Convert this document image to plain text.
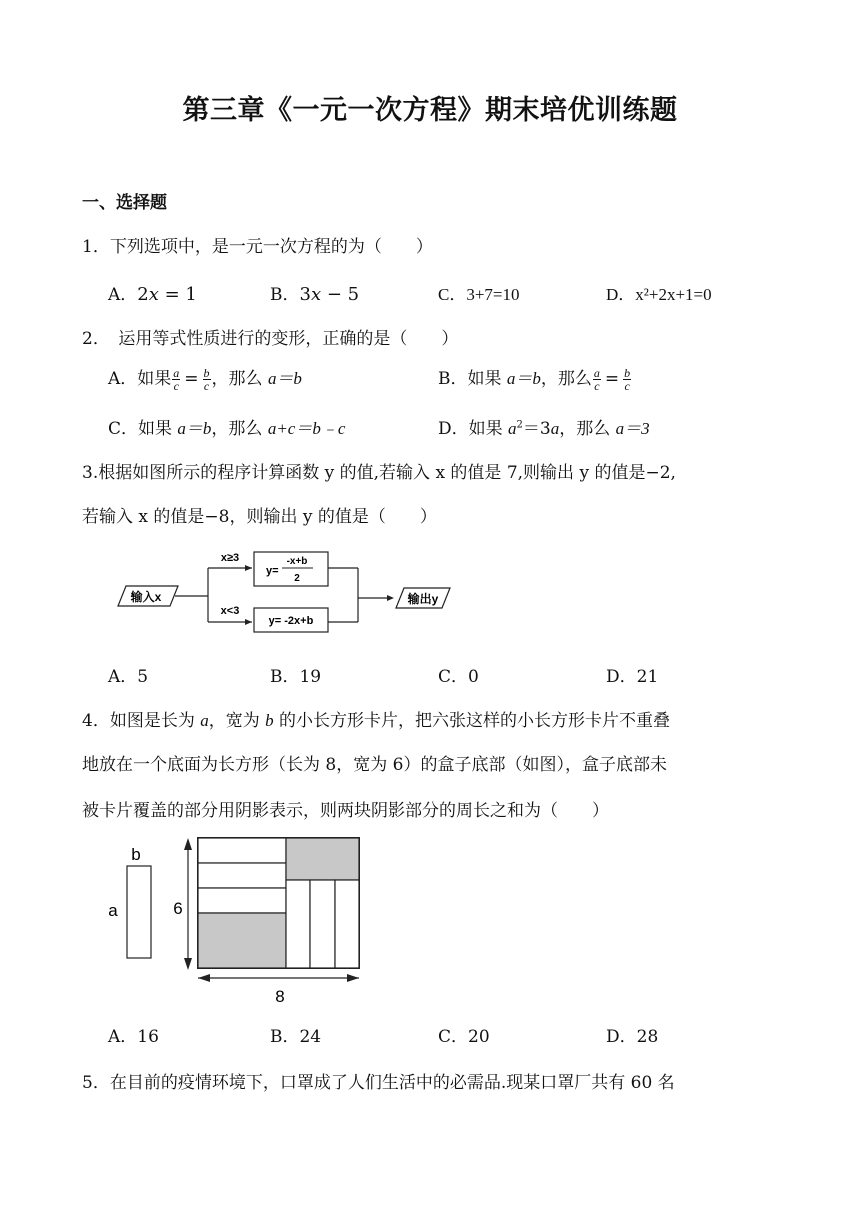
第三章《一元一次方程》期末培优训练题
一、选择题
1．下列选项中，是一元一次方程的为（　　）
A．2𝑥 = 1	B．3𝑥 − 5	C．3+7=10	D．x²+2x+1=0
2．　运用等式性质进行的变形，正确的是（　　）
A．如果 $\frac{a}{c} = \frac{b}{c}$ ，那么 a＝b	B．如果 a＝b，那么 $\frac{a}{c} = \frac{b}{c}$
C．如果 a＝b，那么 a+c＝b﹣c	D．如果 $a^2=3a$，那么 a＝3
3.根据如图所示的程序计算函数 y 的值,若输入 x 的值是 7,则输出 y 的值是−2,
若输入 x 的值是−8，则输出 y 的值是（　　）
输入x
x≥3
y=
-x+b
2
x<3
y= -2x+b
输出y
A．5	B．19	C．0	D．21
4．如图是长为 a，宽为 b 的小长方形卡片，把六张这样的小长方形卡片不重叠
地放在一个底面为长方形（长为 8，宽为 6）的盒子底部（如图），盒子底部未
被卡片覆盖的部分用阴影表示，则两块阴影部分的周长之和为（　　）
b
a	6
8
A．16	B．24	C．20	D．28
5．在目前的疫情环境下，口罩成了人们生活中的必需品.现某口罩厂共有 60 名
